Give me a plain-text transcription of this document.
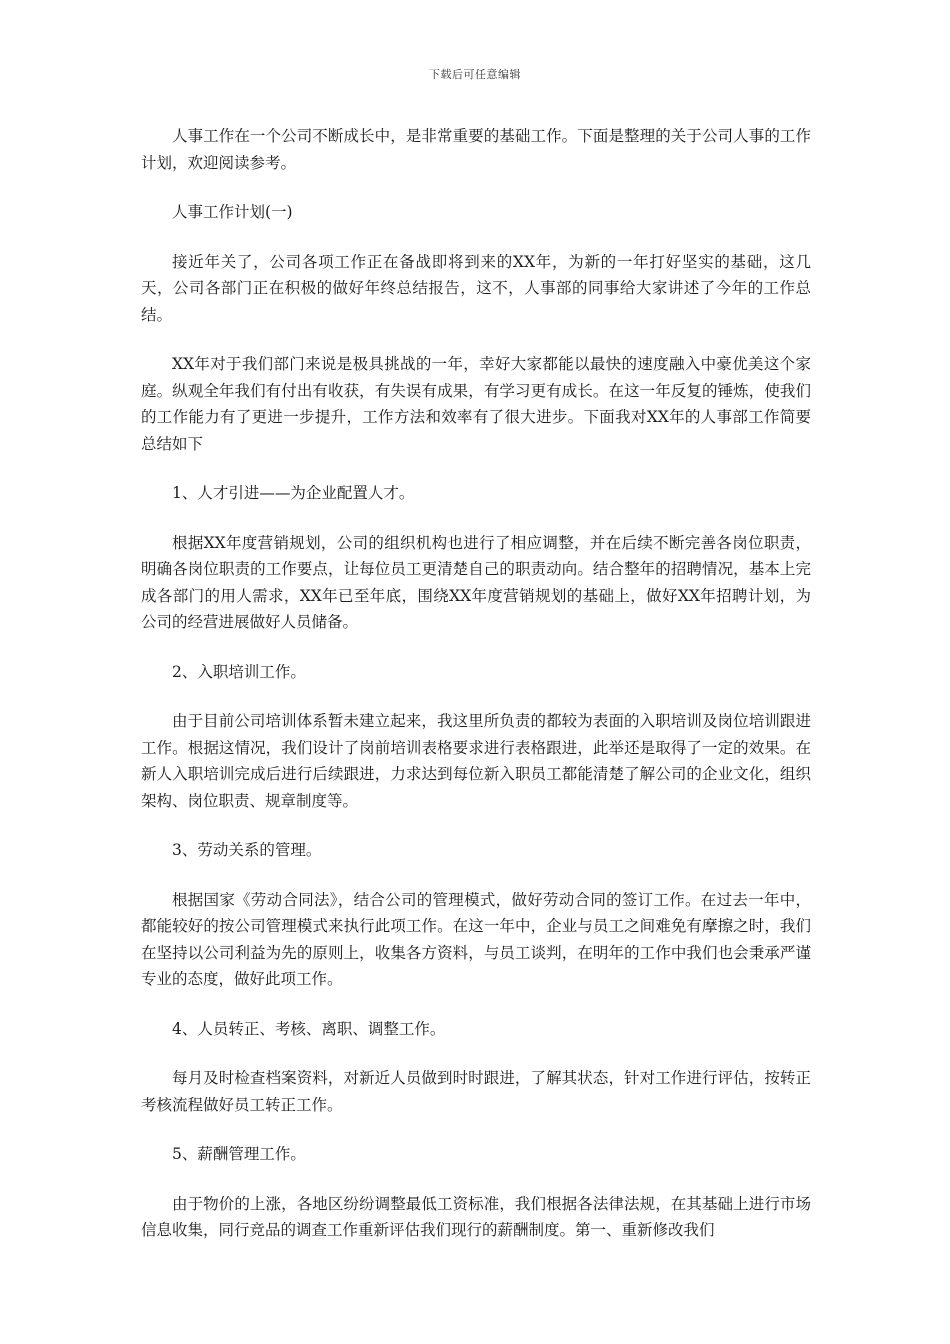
下载后可任意编辑

人事工作在一个公司不断成长中，是非常重要的基础工作。下面是整理的关于公司人事的工作计划，欢迎阅读参考。

人事工作计划(一)

接近年关了，公司各项工作正在备战即将到来的XX年，为新的一年打好坚实的基础，这几天，公司各部门正在积极的做好年终总结报告，这不，人事部的同事给大家讲述了今年的工作总结。

XX年对于我们部门来说是极具挑战的一年，幸好大家都能以最快的速度融入中豪优美这个家庭。纵观全年我们有付出有收获，有失误有成果，有学习更有成长。在这一年反复的锤炼，使我们的工作能力有了更进一步提升，工作方法和效率有了很大进步。下面我对XX年的人事部工作简要总结如下

1、人才引进——为企业配置人才。

根据XX年度营销规划，公司的组织机构也进行了相应调整，并在后续不断完善各岗位职责，明确各岗位职责的工作要点，让每位员工更清楚自己的职责动向。结合整年的招聘情况，基本上完成各部门的用人需求，XX年已至年底，围绕XX年度营销规划的基础上，做好XX年招聘计划，为公司的经营进展做好人员储备。

2、入职培训工作。

由于目前公司培训体系暂未建立起来，我这里所负责的都较为表面的入职培训及岗位培训跟进工作。根据这情况，我们设计了岗前培训表格要求进行表格跟进，此举还是取得了一定的效果。在新人入职培训完成后进行后续跟进，力求达到每位新入职员工都能清楚了解公司的企业文化，组织架构、岗位职责、规章制度等。

3、劳动关系的管理。

根据国家《劳动合同法》，结合公司的管理模式，做好劳动合同的签订工作。在过去一年中，都能较好的按公司管理模式来执行此项工作。在这一年中，企业与员工之间难免有摩擦之时，我们在坚持以公司利益为先的原则上，收集各方资料，与员工谈判，在明年的工作中我们也会秉承严谨专业的态度，做好此项工作。

4、人员转正、考核、离职、调整工作。

每月及时检查档案资料，对新近人员做到时时跟进，了解其状态，针对工作进行评估，按转正考核流程做好员工转正工作。

5、薪酬管理工作。

由于物价的上涨，各地区纷纷调整最低工资标准，我们根据各法律法规，在其基础上进行市场信息收集，同行竞品的调查工作重新评估我们现行的薪酬制度。第一、重新修改我们
